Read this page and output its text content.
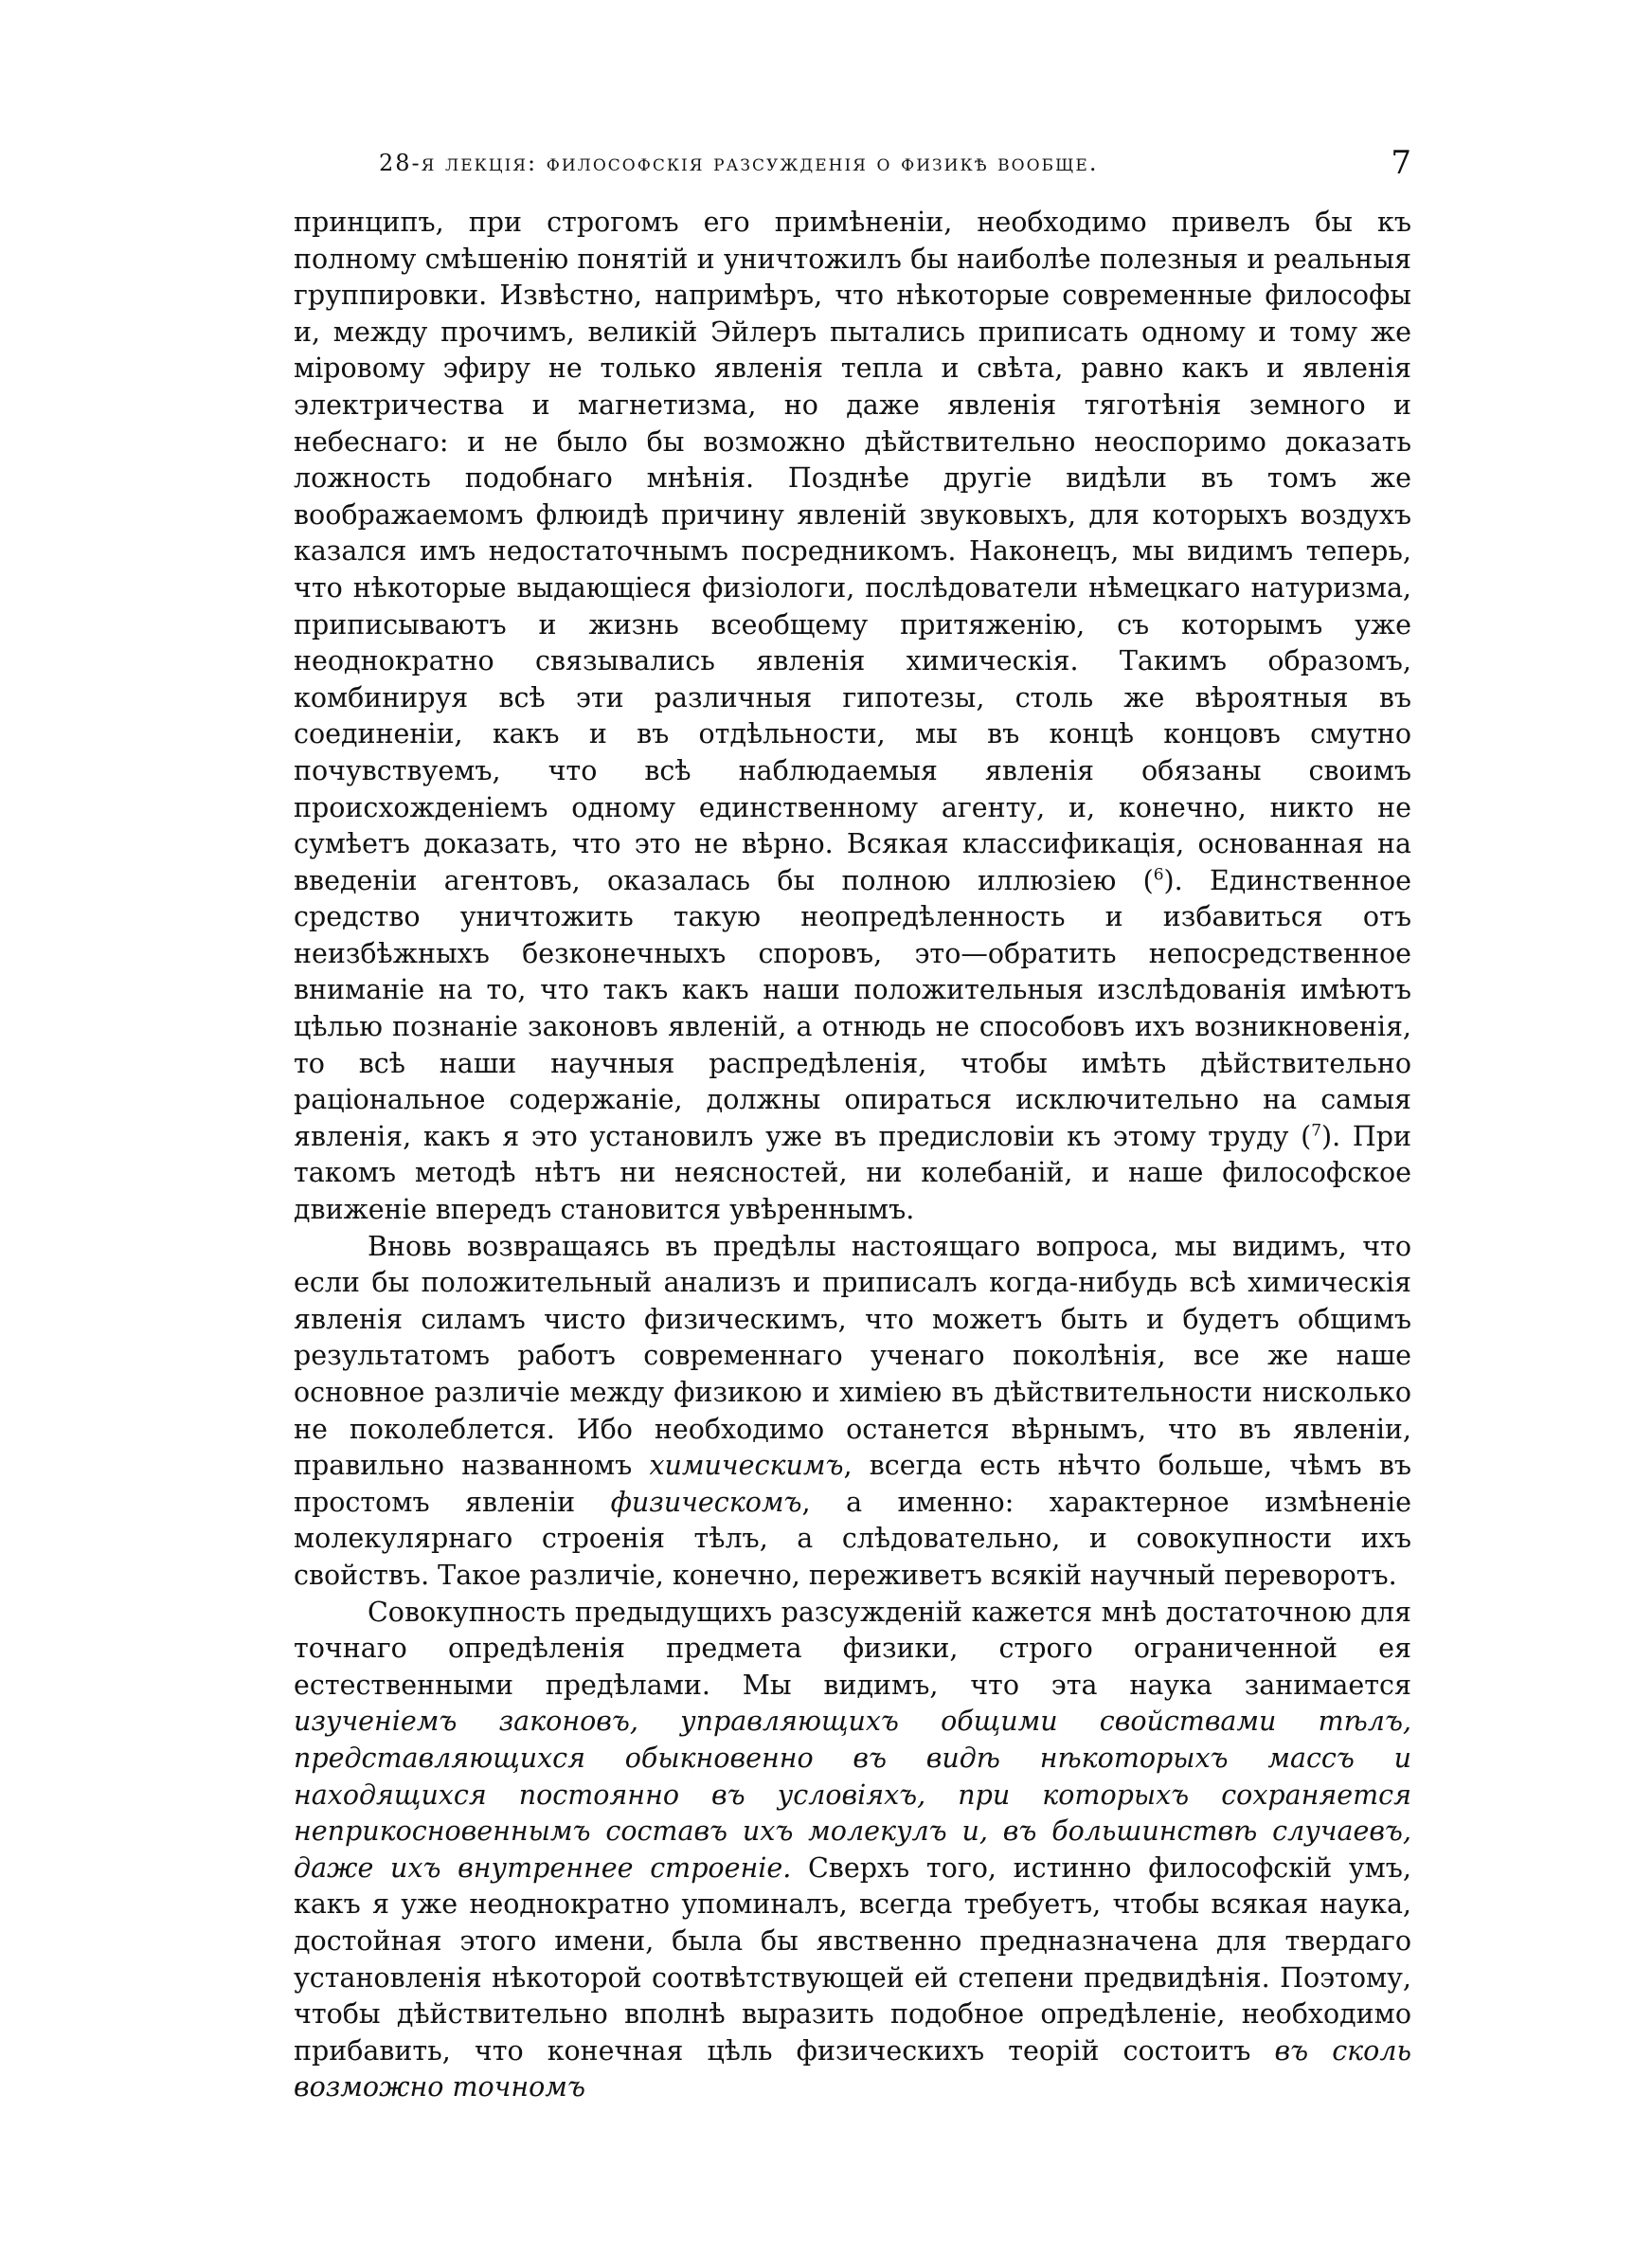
28-я лекція: философскія разсужденія о физикѣ вообще.	7

принципъ, при строгомъ его примѣненіи, необходимо привелъ бы къ полному смѣшенію понятій и уничтожилъ бы наиболѣе полезныя и реальныя группировки. Извѣстно, напримѣръ, что нѣкоторые современные философы и, между прочимъ, великій Эйлеръ пытались приписать одному и тому же міровому эфиру не только явленія тепла и свѣта, равно какъ и явленія электричества и магнетизма, но даже явленія тяготѣнія земного и небеснаго: и не было бы возможно дѣйствительно неоспоримо доказать ложность подобнаго мнѣнія. Позднѣе другіе видѣли въ томъ же воображаемомъ флюидѣ причину явленій звуковыхъ, для которыхъ воздухъ казался имъ недостаточнымъ посредникомъ. Наконецъ, мы видимъ теперь, что нѣкоторые выдающіеся физіологи, послѣдователи нѣмецкаго натуризма, приписываютъ и жизнь всеобщему притяженію, съ которымъ уже неоднократно связывались явленія химическія. Такимъ образомъ, комбинируя всѣ эти различныя гипотезы, столь же вѣроятныя въ соединеніи, какъ и въ отдѣльности, мы въ концѣ концовъ смутно почувствуемъ, что всѣ наблюдаемыя явленія обязаны своимъ происхожденіемъ одному единственному агенту, и, конечно, никто не сумѣетъ доказать, что это не вѣрно. Всякая классификація, основанная на введеніи агентовъ, оказалась бы полною иллюзіею ($^6$). Единственное средство уничтожить такую неопредѣленность и избавиться отъ неизбѣжныхъ безконечныхъ споровъ, это—обратить непосредственное вниманіе на то, что такъ какъ наши положительныя изслѣдованія имѣютъ цѣлью познаніе законовъ явленій, а отнюдь не способовъ ихъ возникновенія, то всѣ наши научныя распредѣленія, чтобы имѣть дѣйствительно раціональное содержаніе, должны опираться исключительно на самыя явленія, какъ я это установилъ уже въ предисловіи къ этому труду ($^7$). При такомъ методѣ нѣтъ ни неясностей, ни колебаній, и наше философское движеніе впередъ становится увѣреннымъ.

Вновь возвращаясь въ предѣлы настоящаго вопроса, мы видимъ, что если бы положительный анализъ и приписалъ когда-нибудь всѣ химическія явленія силамъ чисто физическимъ, что можетъ быть и будетъ общимъ результатомъ работъ современнаго ученаго поколѣнія, все же наше основное различіе между физикою и химіею въ дѣйствительности нисколько не поколеблется. Ибо необходимо останется вѣрнымъ, что въ явленіи, правильно названномъ химическимъ, всегда есть нѣчто больше, чѣмъ въ простомъ явленіи физическомъ, а именно: характерное измѣненіе молекулярнаго строенія тѣлъ, а слѣдовательно, и совокупности ихъ свойствъ. Такое различіе, конечно, переживетъ всякій научный переворотъ.

Совокупность предыдущихъ разсужденій кажется мнѣ достаточною для точнаго опредѣленія предмета физики, строго ограниченной ея естественными предѣлами. Мы видимъ, что эта наука занимается изученіемъ законовъ, управляющихъ общими свойствами тѣлъ, представляющихся обыкновенно въ видѣ нѣкоторыхъ массъ и находящихся постоянно въ условіяхъ, при которыхъ сохраняется неприкосновеннымъ составъ ихъ молекулъ и, въ большинствѣ случаевъ, даже ихъ внутреннее строеніе. Сверхъ того, истинно философскій умъ, какъ я уже неоднократно упоминалъ, всегда требуетъ, чтобы всякая наука, достойная этого имени, была бы явственно предназначена для твердаго установленія нѣкоторой соотвѣтствующей ей степени предвидѣнія. Поэтому, чтобы дѣйствительно вполнѣ выразить подобное опредѣленіе, необходимо прибавить, что конечная цѣль физическихъ теорій состоитъ въ сколь возможно точномъ
